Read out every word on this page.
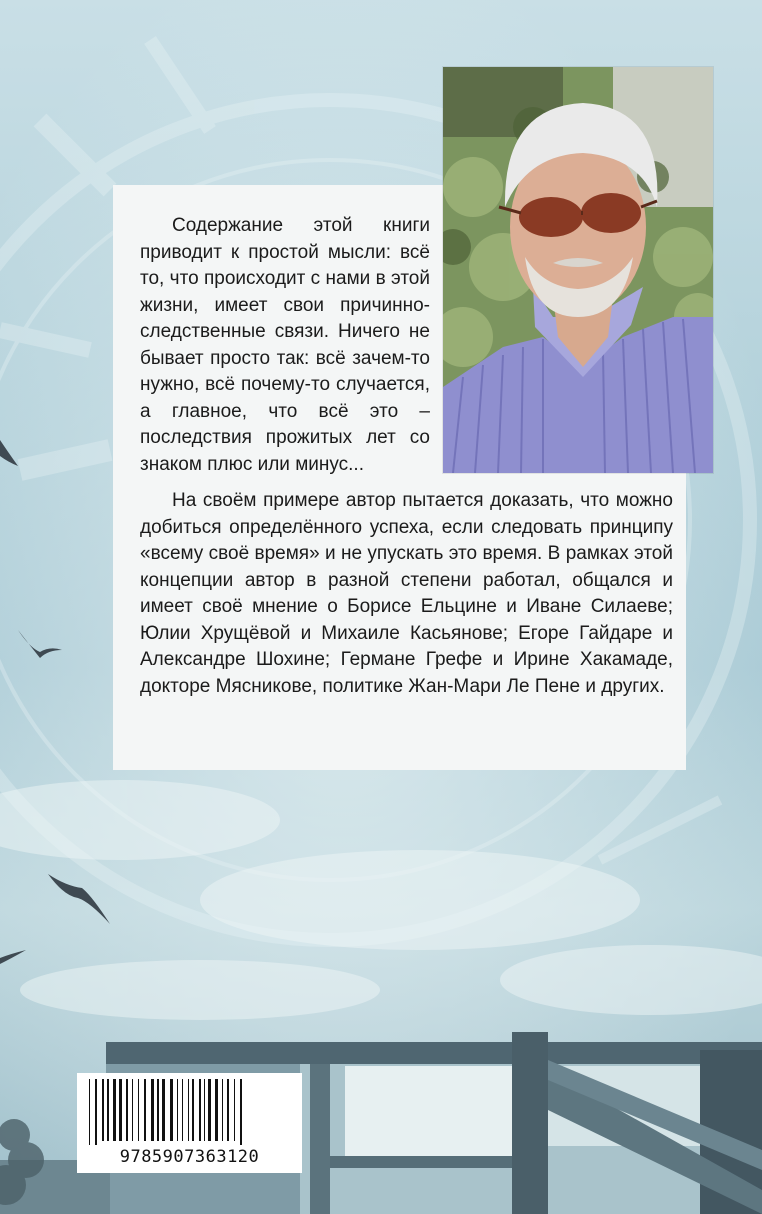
Содержание этой книги приводит к простой мысли: всё то, что происходит с нами в этой жизни, имеет свои причинно-следственные связи. Ничего не бывает просто так: всё зачем-то нужно, всё почему-то случается, а главное, что всё это – последствия прожитых лет со знаком плюс или минус...

На своём примере автор пытается доказать, что можно добиться определённого успеха, если следовать принципу «всему своё время» и не упускать это время. В рамках этой концепции автор в разной степени работал, общался и имеет своё мнение о Борисе Ельцине и Иване Силаеве; Юлии Хрущёвой и Михаиле Касьянове; Егоре Гайдаре и Александре Шохине; Германе Грефе и Ирине Хакамаде, докторе Мясникове, политике Жан-Мари Ле Пене и других.

9785907363120
